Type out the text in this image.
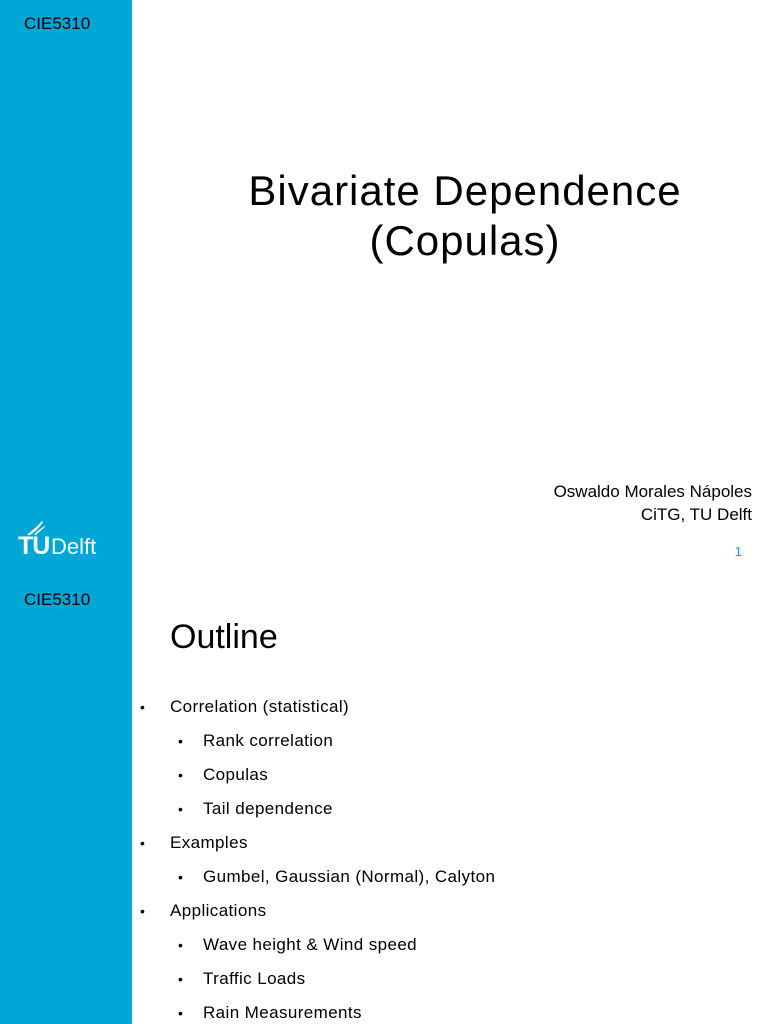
CIE5310
TU Delft
Bivariate Dependence
(Copulas)
Oswaldo Morales Nápoles
CiTG, TU Delft
1
CIE5310
Outline
• Correlation (statistical)
• Rank correlation
• Copulas
• Tail dependence
• Examples
• Gumbel, Gaussian (Normal), Calyton
• Applications
• Wave height & Wind speed
• Traffic Loads
• Rain Measurements
